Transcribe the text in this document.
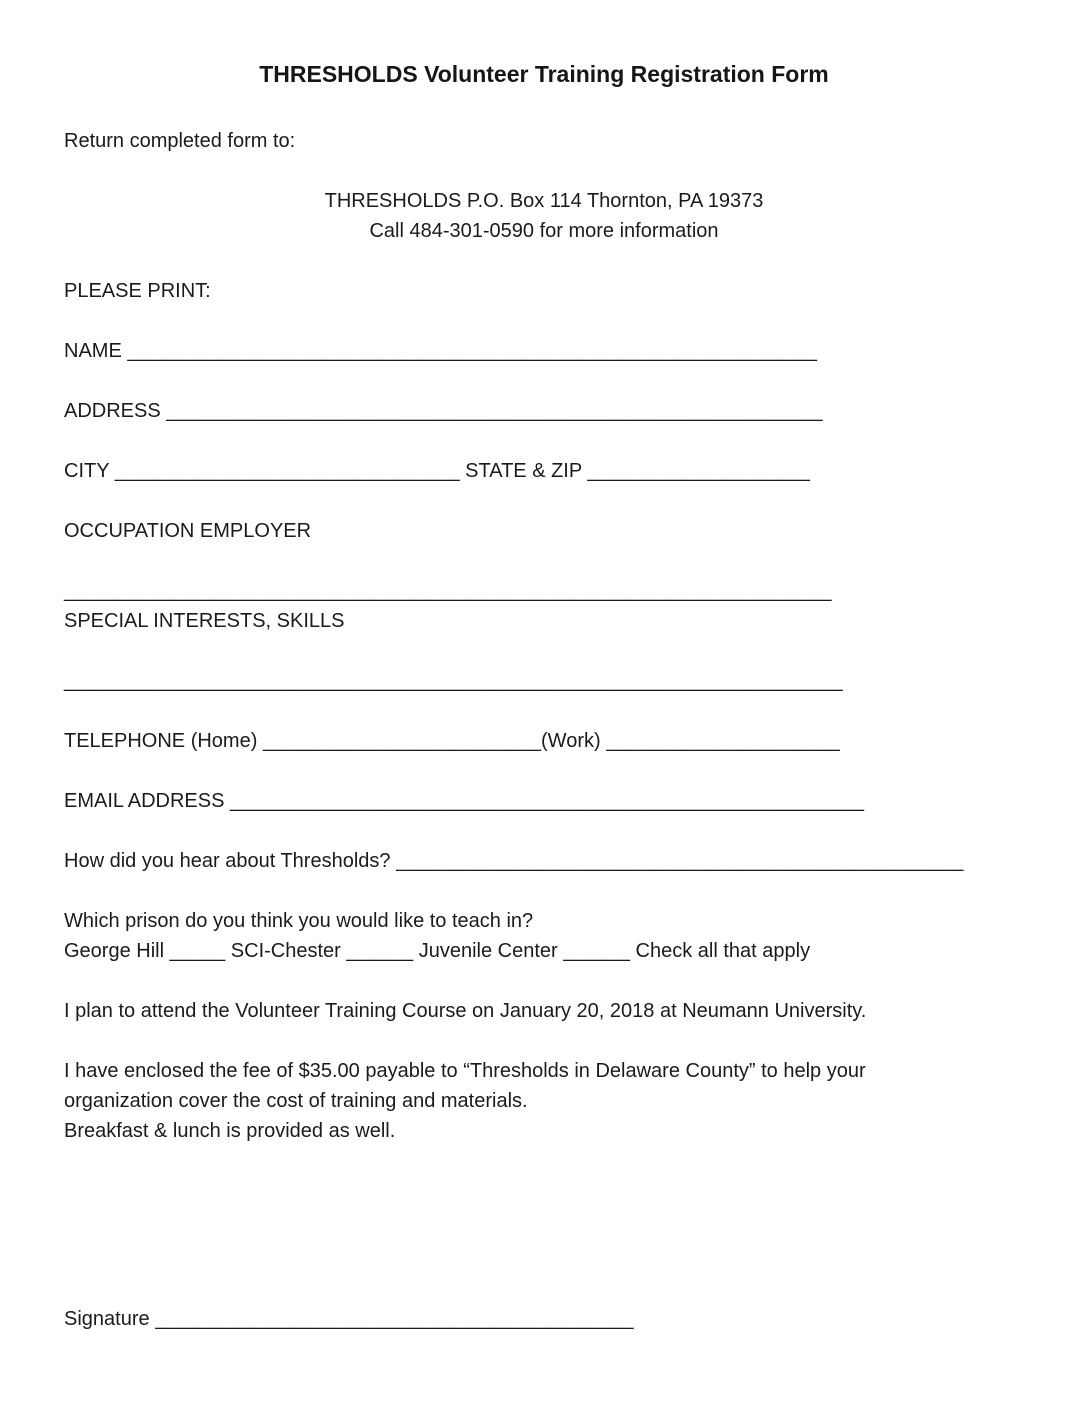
THRESHOLDS Volunteer Training Registration Form

Return completed form to:

THRESHOLDS P.O. Box 114 Thornton, PA 19373
Call 484-301-0590 for more information

PLEASE PRINT:

NAME ______________________________________________________________

ADDRESS ___________________________________________________________

CITY _______________________________ STATE & ZIP ____________________

OCCUPATION EMPLOYER

_____________________________________________________________________

SPECIAL INTERESTS, SKILLS

______________________________________________________________________

TELEPHONE (Home) _________________________(Work) _____________________

EMAIL ADDRESS _________________________________________________________

How did you hear about Thresholds? ___________________________________________________

Which prison do you think you would like to teach in?
George Hill _____ SCI-Chester ______ Juvenile Center ______ Check all that apply

I plan to attend the Volunteer Training Course on January 20, 2018 at Neumann University.

I have enclosed the fee of $35.00 payable to “Thresholds in Delaware County” to help your
organization cover the cost of training and materials.
Breakfast & lunch is provided as well.

Signature ___________________________________________
